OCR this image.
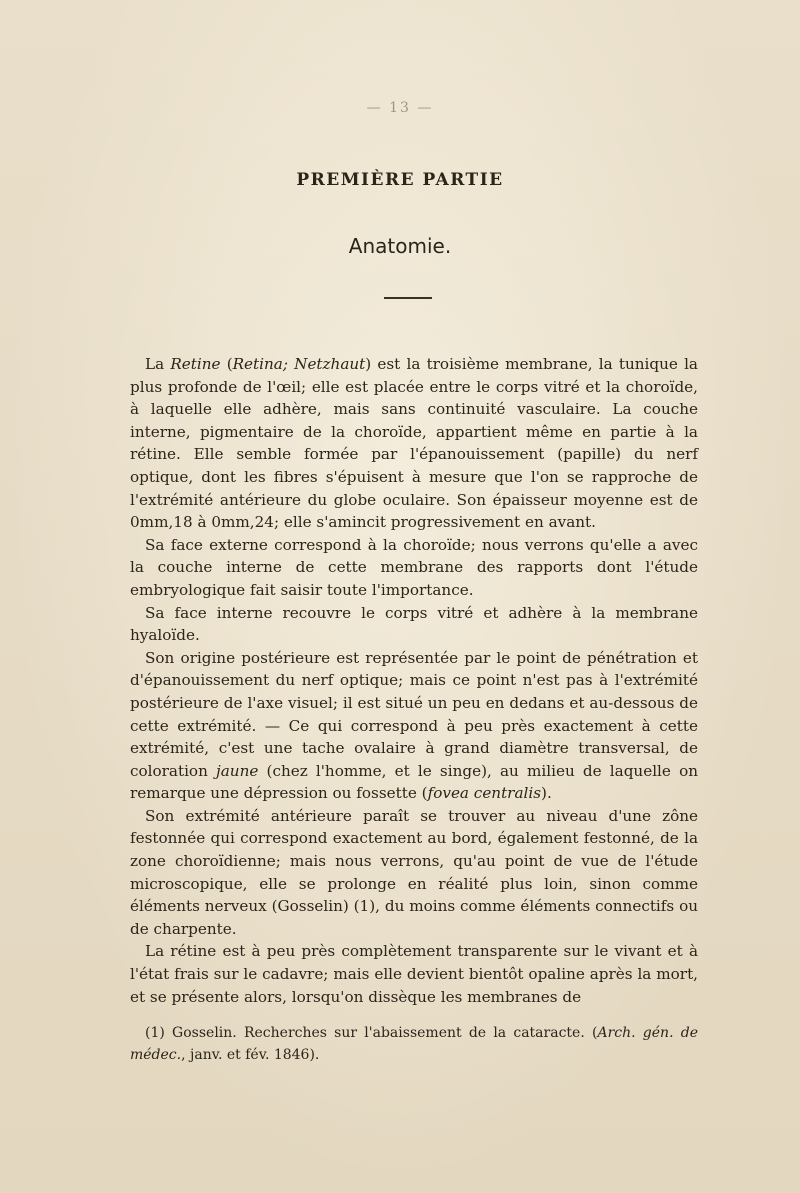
— 13 —
PREMIÈRE PARTIE
Anatomie.

La Retine (Retina; Netzhaut) est la troisième membrane, la tunique la plus profonde de l'œil; elle est placée entre le corps vitré et la choroïde, à laquelle elle adhère, mais sans continuité vasculaire. La couche interne, pigmentaire de la choroïde, appartient même en partie à la rétine. Elle semble formée par l'épanouissement (papille) du nerf optique, dont les fibres s'épuisent à mesure que l'on se rapproche de l'extrémité antérieure du globe oculaire. Son épaisseur moyenne est de 0mm,18 à 0mm,24; elle s'amincit progressivement en avant.

Sa face externe correspond à la choroïde; nous verrons qu'elle a avec la couche interne de cette membrane des rapports dont l'étude embryologique fait saisir toute l'importance.

Sa face interne recouvre le corps vitré et adhère à la membrane hyaloïde.

Son origine postérieure est représentée par le point de pénétration et d'épanouissement du nerf optique; mais ce point n'est pas à l'extrémité postérieure de l'axe visuel; il est situé un peu en dedans et au-dessous de cette extrémité. — Ce qui correspond à peu près exactement à cette extrémité, c'est une tache ovalaire à grand diamètre transversal, de coloration jaune (chez l'homme, et le singe), au milieu de laquelle on remarque une dépression ou fossette (fovea centralis).

Son extrémité antérieure paraît se trouver au niveau d'une zône festonnée qui correspond exactement au bord, également festonné, de la zone choroïdienne; mais nous verrons, qu'au point de vue de l'étude microscopique, elle se prolonge en réalité plus loin, sinon comme éléments nerveux (Gosselin) (1), du moins comme éléments connectifs ou de charpente.

La rétine est à peu près complètement transparente sur le vivant et à l'état frais sur le cadavre; mais elle devient bientôt opaline après la mort, et se présente alors, lorsqu'on dissèque les membranes de

(1) Gosselin. Recherches sur l'abaissement de la cataracte. (Arch. gén. de médec., janv. et fév. 1846).
